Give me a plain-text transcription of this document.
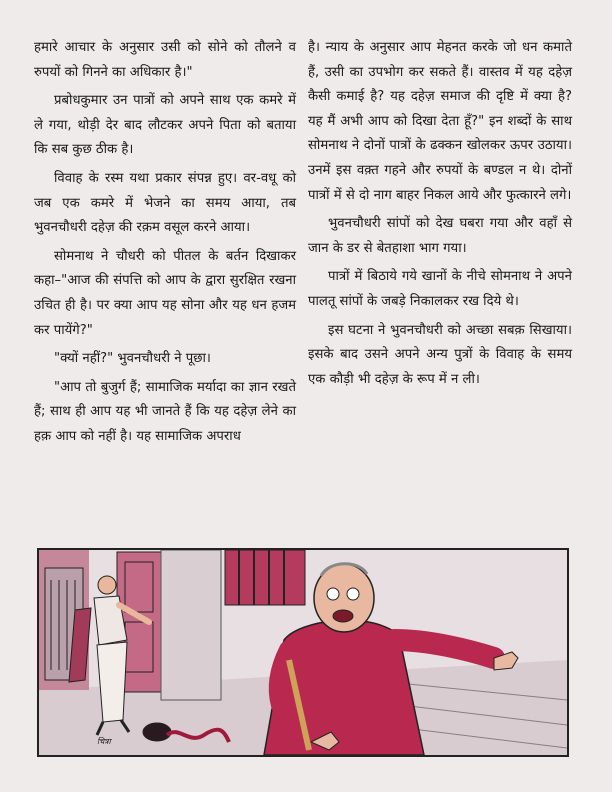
हमारे आचार के अनुसार उसी को सोने को तौलने व रुपयों को गिनने का अधिकार है।"

प्रबोधकुमार उन पात्रों को अपने साथ एक कमरे में ले गया, थोड़ी देर बाद लौटकर अपने पिता को बताया कि सब कुछ ठीक है।

विवाह के रस्म यथा प्रकार संपन्न हुए। वर-वधू को जब एक कमरे में भेजने का समय आया, तब भुवनचौधरी दहेज़ की रक़म वसूल करने आया।

सोमनाथ ने चौधरी को पीतल के बर्तन दिखाकर कहा–"आज की संपत्ति को आप के द्वारा सुरक्षित रखना उचित ही है। पर क्या आप यह सोना और यह धन हजम कर पायेंगे?"

"क्यों नहीं?" भुवनचौधरी ने पूछा।

"आप तो बुजुर्ग हैं; सामाजिक मर्यादा का ज्ञान रखते हैं; साथ ही आप यह भी जानते हैं कि यह दहेज़ लेने का हक़ आप को नहीं है। यह सामाजिक अपराध

है। न्याय के अनुसार आप मेहनत करके जो धन कमाते हैं, उसी का उपभोग कर सकते हैं। वास्तव में यह दहेज़ कैसी कमाई है? यह दहेज़ समाज की दृष्टि में क्या है? यह मैं अभी आप को दिखा देता हूँ?" इन शब्दों के साथ सोमनाथ ने दोनों पात्रों के ढक्कन खोलकर ऊपर उठाया। उनमें इस वक़्त गहने और रुपयों के बण्डल न थे। दोनों पात्रों में से दो नाग बाहर निकल आये और फुत्कारने लगे।

भुवनचौधरी सांपों को देख घबरा गया और वहाँ से जान के डर से बेतहाशा भाग गया।

पात्रों में बिठाये गये खानों के नीचे सोमनाथ ने अपने पालतू सांपों के जबड़े निकालकर रख दिये थे।

इस घटना ने भुवनचौधरी को अच्छा सबक़ सिखाया। इसके बाद उसने अपने अन्य पुत्रों के विवाह के समय एक कौड़ी भी दहेज़ के रूप में न ली।

चित्रा
